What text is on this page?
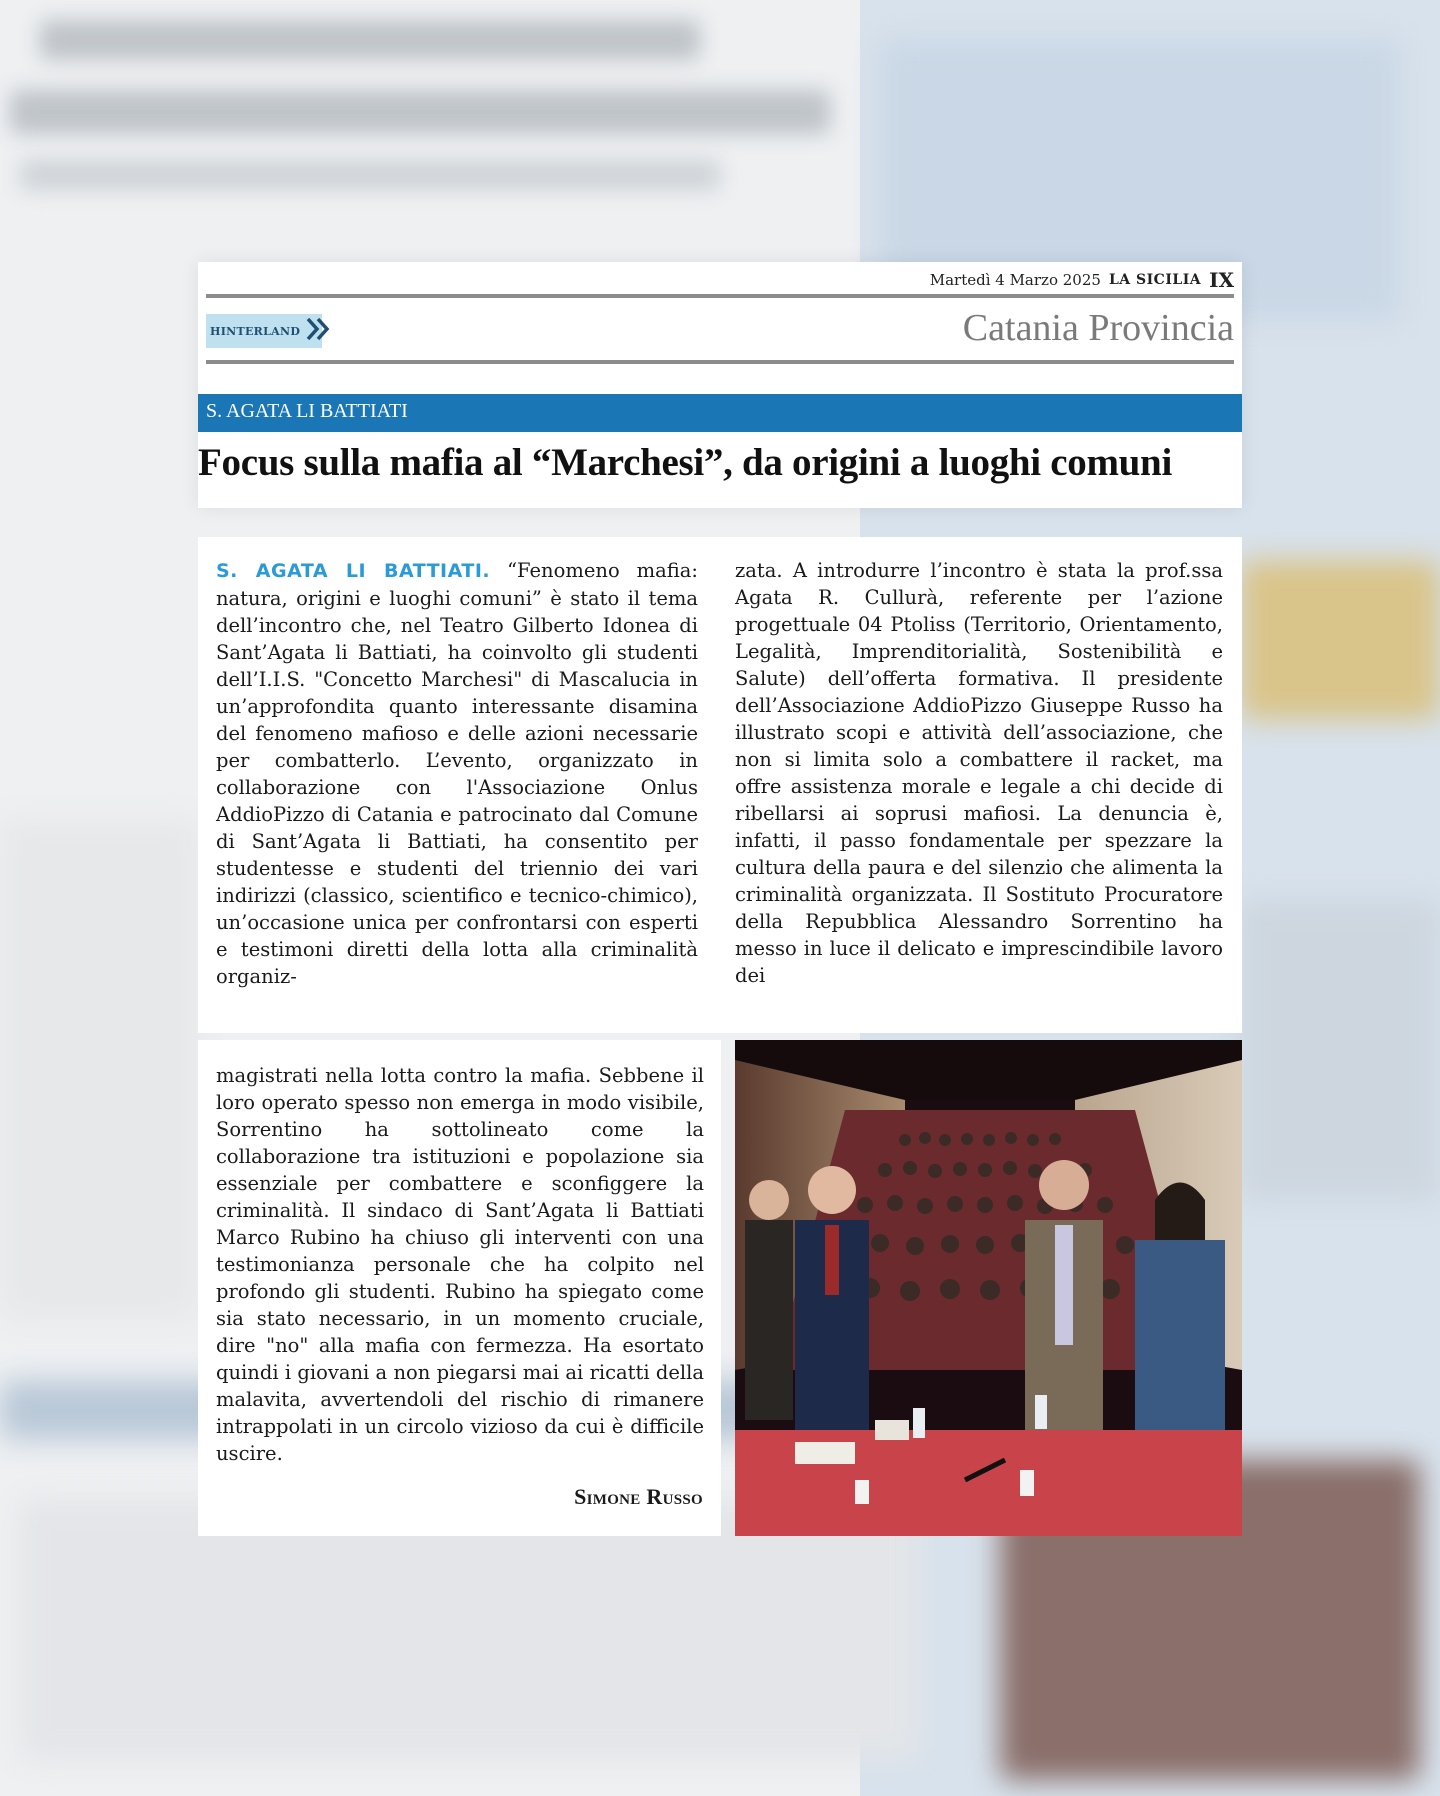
Martedì 4 Marzo 2025 LA SICILIA IX
HINTERLAND	Catania Provincia
S. AGATA LI BATTIATI
Focus sulla mafia al “Marchesi”, da origini a luoghi comuni
S. AGATA LI BATTIATI. “Fenomeno mafia: natura, origini e luoghi comuni” è stato il tema dell’incontro che, nel Teatro Gilberto Idonea di Sant’Agata li Battiati, ha coinvolto gli studenti dell’I.I.S. "Concetto Marchesi" di Mascalucia in un’approfondita quanto interessante disamina del fenomeno mafioso e delle azioni necessarie per combatterlo. L’evento, organizzato in collaborazione con l'Associazione Onlus AddioPizzo di Catania e patrocinato dal Comune di Sant’Agata li Battiati, ha consentito per studentesse e studenti del triennio dei vari indirizzi (classico, scientifico e tecnico-chimico), un’occasione unica per confrontarsi con esperti e testimoni diretti della lotta alla criminalità organiz-
zata. A introdurre l’incontro è stata la prof.ssa Agata R. Cullurà, referente per l’azione progettuale 04 Ptoliss (Territorio, Orientamento, Legalità, Imprenditorialità, Sostenibilità e Salute) dell’offerta formativa. Il presidente dell’Associazione AddioPizzo Giuseppe Russo ha illustrato scopi e attività dell’associazione, che non si limita solo a combattere il racket, ma offre assistenza morale e legale a chi decide di ribellarsi ai soprusi mafiosi. La denuncia è, infatti, il passo fondamentale per spezzare la cultura della paura e del silenzio che alimenta la criminalità organizzata. Il Sostituto Procuratore della Repubblica Alessandro Sorrentino ha messo in luce il delicato e imprescindibile lavoro dei
magistrati nella lotta contro la mafia. Sebbene il loro operato spesso non emerga in modo visibile, Sorrentino ha sottolineato come la collaborazione tra istituzioni e popolazione sia essenziale per combattere e sconfiggere la criminalità. Il sindaco di Sant’Agata li Battiati Marco Rubino ha chiuso gli interventi con una testimonianza personale che ha colpito nel profondo gli studenti. Rubino ha spiegato come sia stato necessario, in un momento cruciale, dire "no" alla mafia con fermezza. Ha esortato quindi i giovani a non piegarsi mai ai ricatti della malavita, avvertendoli del rischio di rimanere intrappolati in un circolo vizioso da cui è difficile uscire.
Simone Russo
